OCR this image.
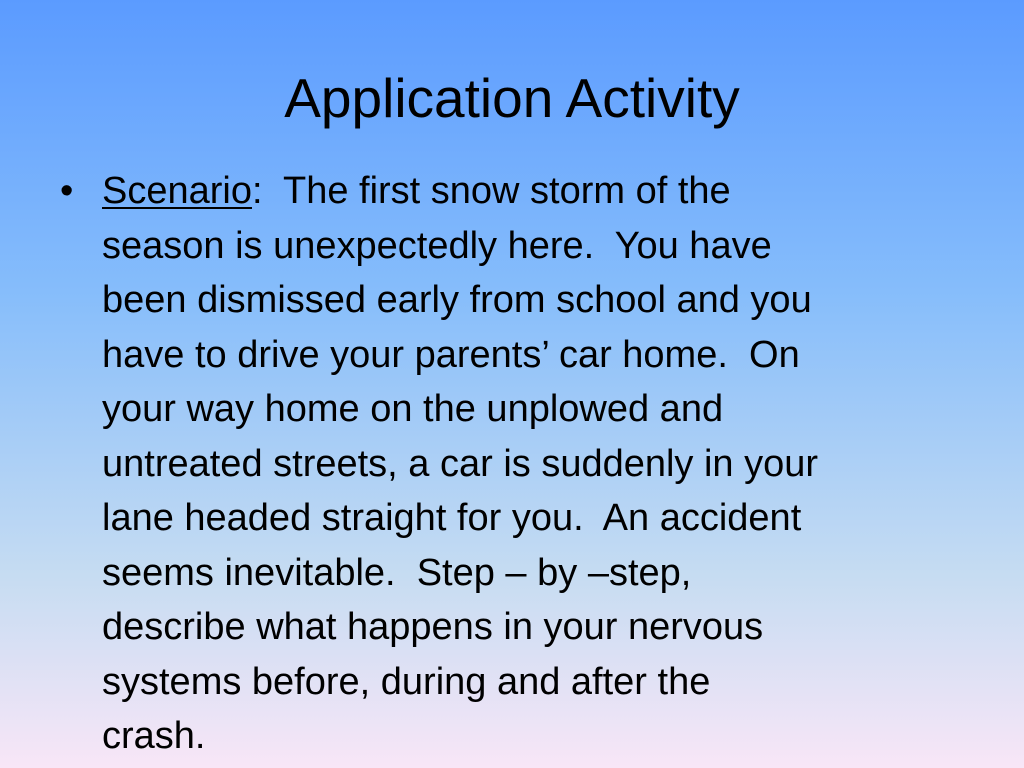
Application Activity
• Scenario:  The first snow storm of the
season is unexpectedly here.  You have
been dismissed early from school and you
have to drive your parents’ car home.  On
your way home on the unplowed and
untreated streets, a car is suddenly in your
lane headed straight for you.  An accident
seems inevitable.  Step – by –step,
describe what happens in your nervous
systems before, during and after the
crash.
